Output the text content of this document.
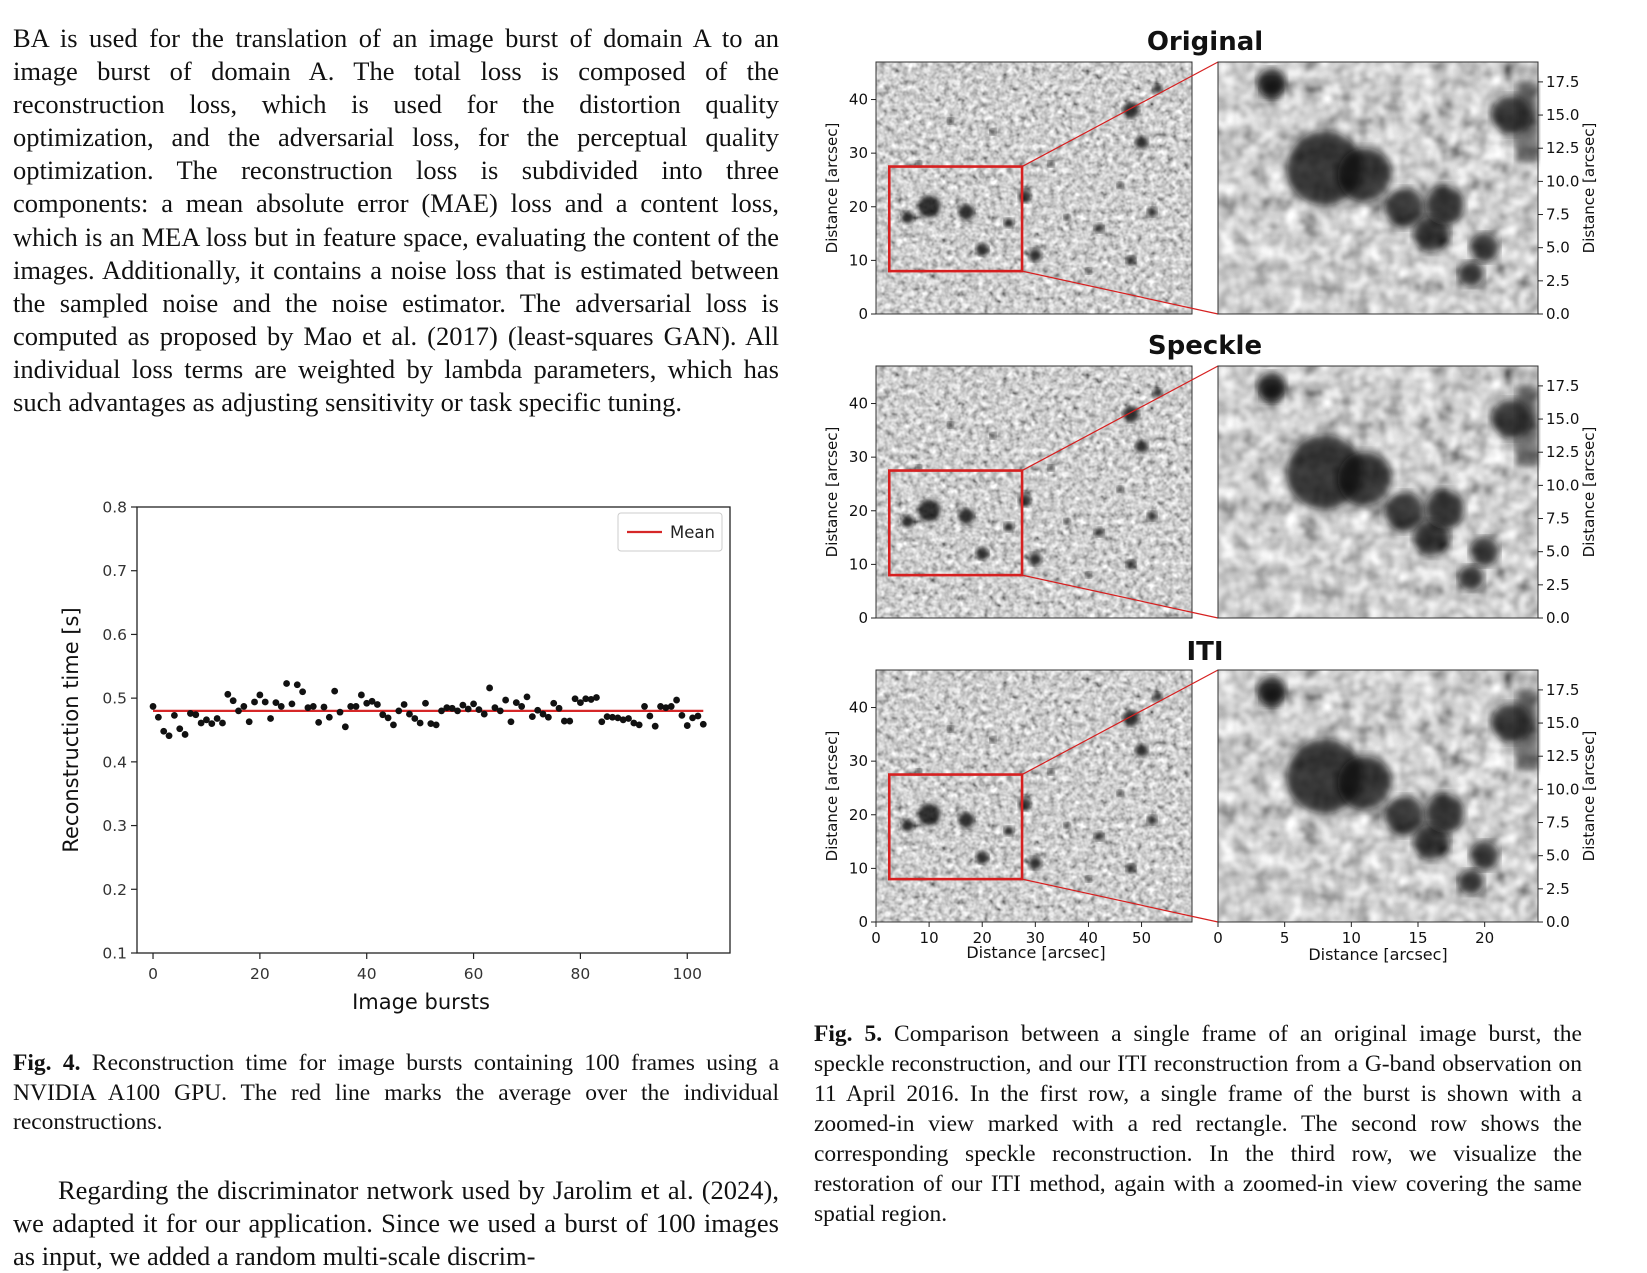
BA is used for the translation of an image burst of domain A to an image burst of domain A. The total loss is composed of the reconstruction loss, which is used for the distortion quality optimization, and the adversarial loss, for the perceptual quality optimization. The reconstruction loss is subdivided into three components: a mean absolute error (MAE) loss and a content loss, which is an MEA loss but in feature space, evaluating the content of the images. Additionally, it contains a noise loss that is estimated between the sampled noise and the noise estimator. The adversarial loss is computed as proposed by Mao et al. (2017) (least-squares GAN). All individual loss terms are weighted by lambda parameters, which has such advantages as adjusting sensitivity or task specific tuning.
0.1
0.2
0.3
0.4
0.5
0.6
0.7
0.8
0	20	40	60	80	100
Mean
Image bursts
Reconstruction time [s]
Fig. 4. Reconstruction time for image bursts containing 100 frames using a NVIDIA A100 GPU. The red line marks the average over the individual reconstructions.
Regarding the discriminator network used by Jarolim et al. (2024), we adapted it for our application. Since we used a burst of 100 images as input, we added a random multi-scale discrim-
Original
0
10
20
30
40
Distance [arcsec]
0.0
2.5
5.0
7.5
10.0
12.5
15.0
17.5
Distance [arcsec]
Speckle
0
10
20
30
40
Distance [arcsec]
0.0
2.5
5.0
7.5
10.0
12.5
15.0
17.5
Distance [arcsec]
ITI
0
10
20
30
40
Distance [arcsec]
0.0
2.5
5.0
7.5
10.0
12.5
15.0
17.5
Distance [arcsec]
0	10 20 30 40 50	0	5	10	15	20
Distance [arcsec]	Distance [arcsec]
Fig. 5. Comparison between a single frame of an original image burst, the speckle reconstruction, and our ITI reconstruction from a G-band observation on 11 April 2016. In the first row, a single frame of the burst is shown with a zoomed-in view marked with a red rectangle. The second row shows the corresponding speckle reconstruction. In the third row, we visualize the restoration of our ITI method, again with a zoomed-in view covering the same spatial region.
